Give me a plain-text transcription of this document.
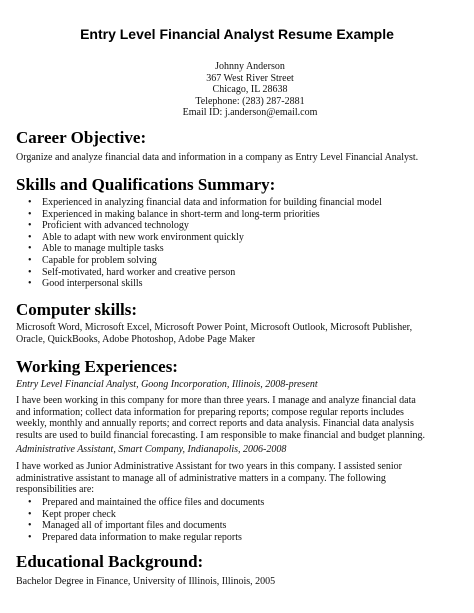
Entry Level Financial Analyst Resume Example
Johnny Anderson
367 West River Street
Chicago, IL 28638
Telephone: (283) 287-2881
Email ID: j.anderson@email.com
Career Objective:
Organize and analyze financial data and information in a company as Entry Level Financial Analyst.
Skills and Qualifications Summary:
• Experienced in analyzing financial data and information for building financial model
• Experienced in making balance in short-term and long-term priorities
• Proficient with advanced technology
• Able to adapt with new work environment quickly
• Able to manage multiple tasks
• Capable for problem solving
• Self-motivated, hard worker and creative person
• Good interpersonal skills
Computer skills:
Microsoft Word, Microsoft Excel, Microsoft Power Point, Microsoft Outlook, Microsoft Publisher,
Oracle, QuickBooks, Adobe Photoshop, Adobe Page Maker
Working Experiences:
Entry Level Financial Analyst, Goong Incorporation, Illinois, 2008-present
I have been working in this company for more than three years. I manage and analyze financial data
and information; collect data information for preparing reports; compose regular reports includes
weekly, monthly and annually reports; and correct reports and data analysis. Financial data analysis
results are used to build financial forecasting. I am responsible to make financial and budget planning.
Administrative Assistant, Smart Company, Indianapolis, 2006-2008
I have worked as Junior Administrative Assistant for two years in this company. I assisted senior
administrative assistant to manage all of administrative matters in a company. The following
responsibilities are:
• Prepared and maintained the office files and documents
• Kept proper check
• Managed all of important files and documents
• Prepared data information to make regular reports
Educational Background:
Bachelor Degree in Finance, University of Illinois, Illinois, 2005
